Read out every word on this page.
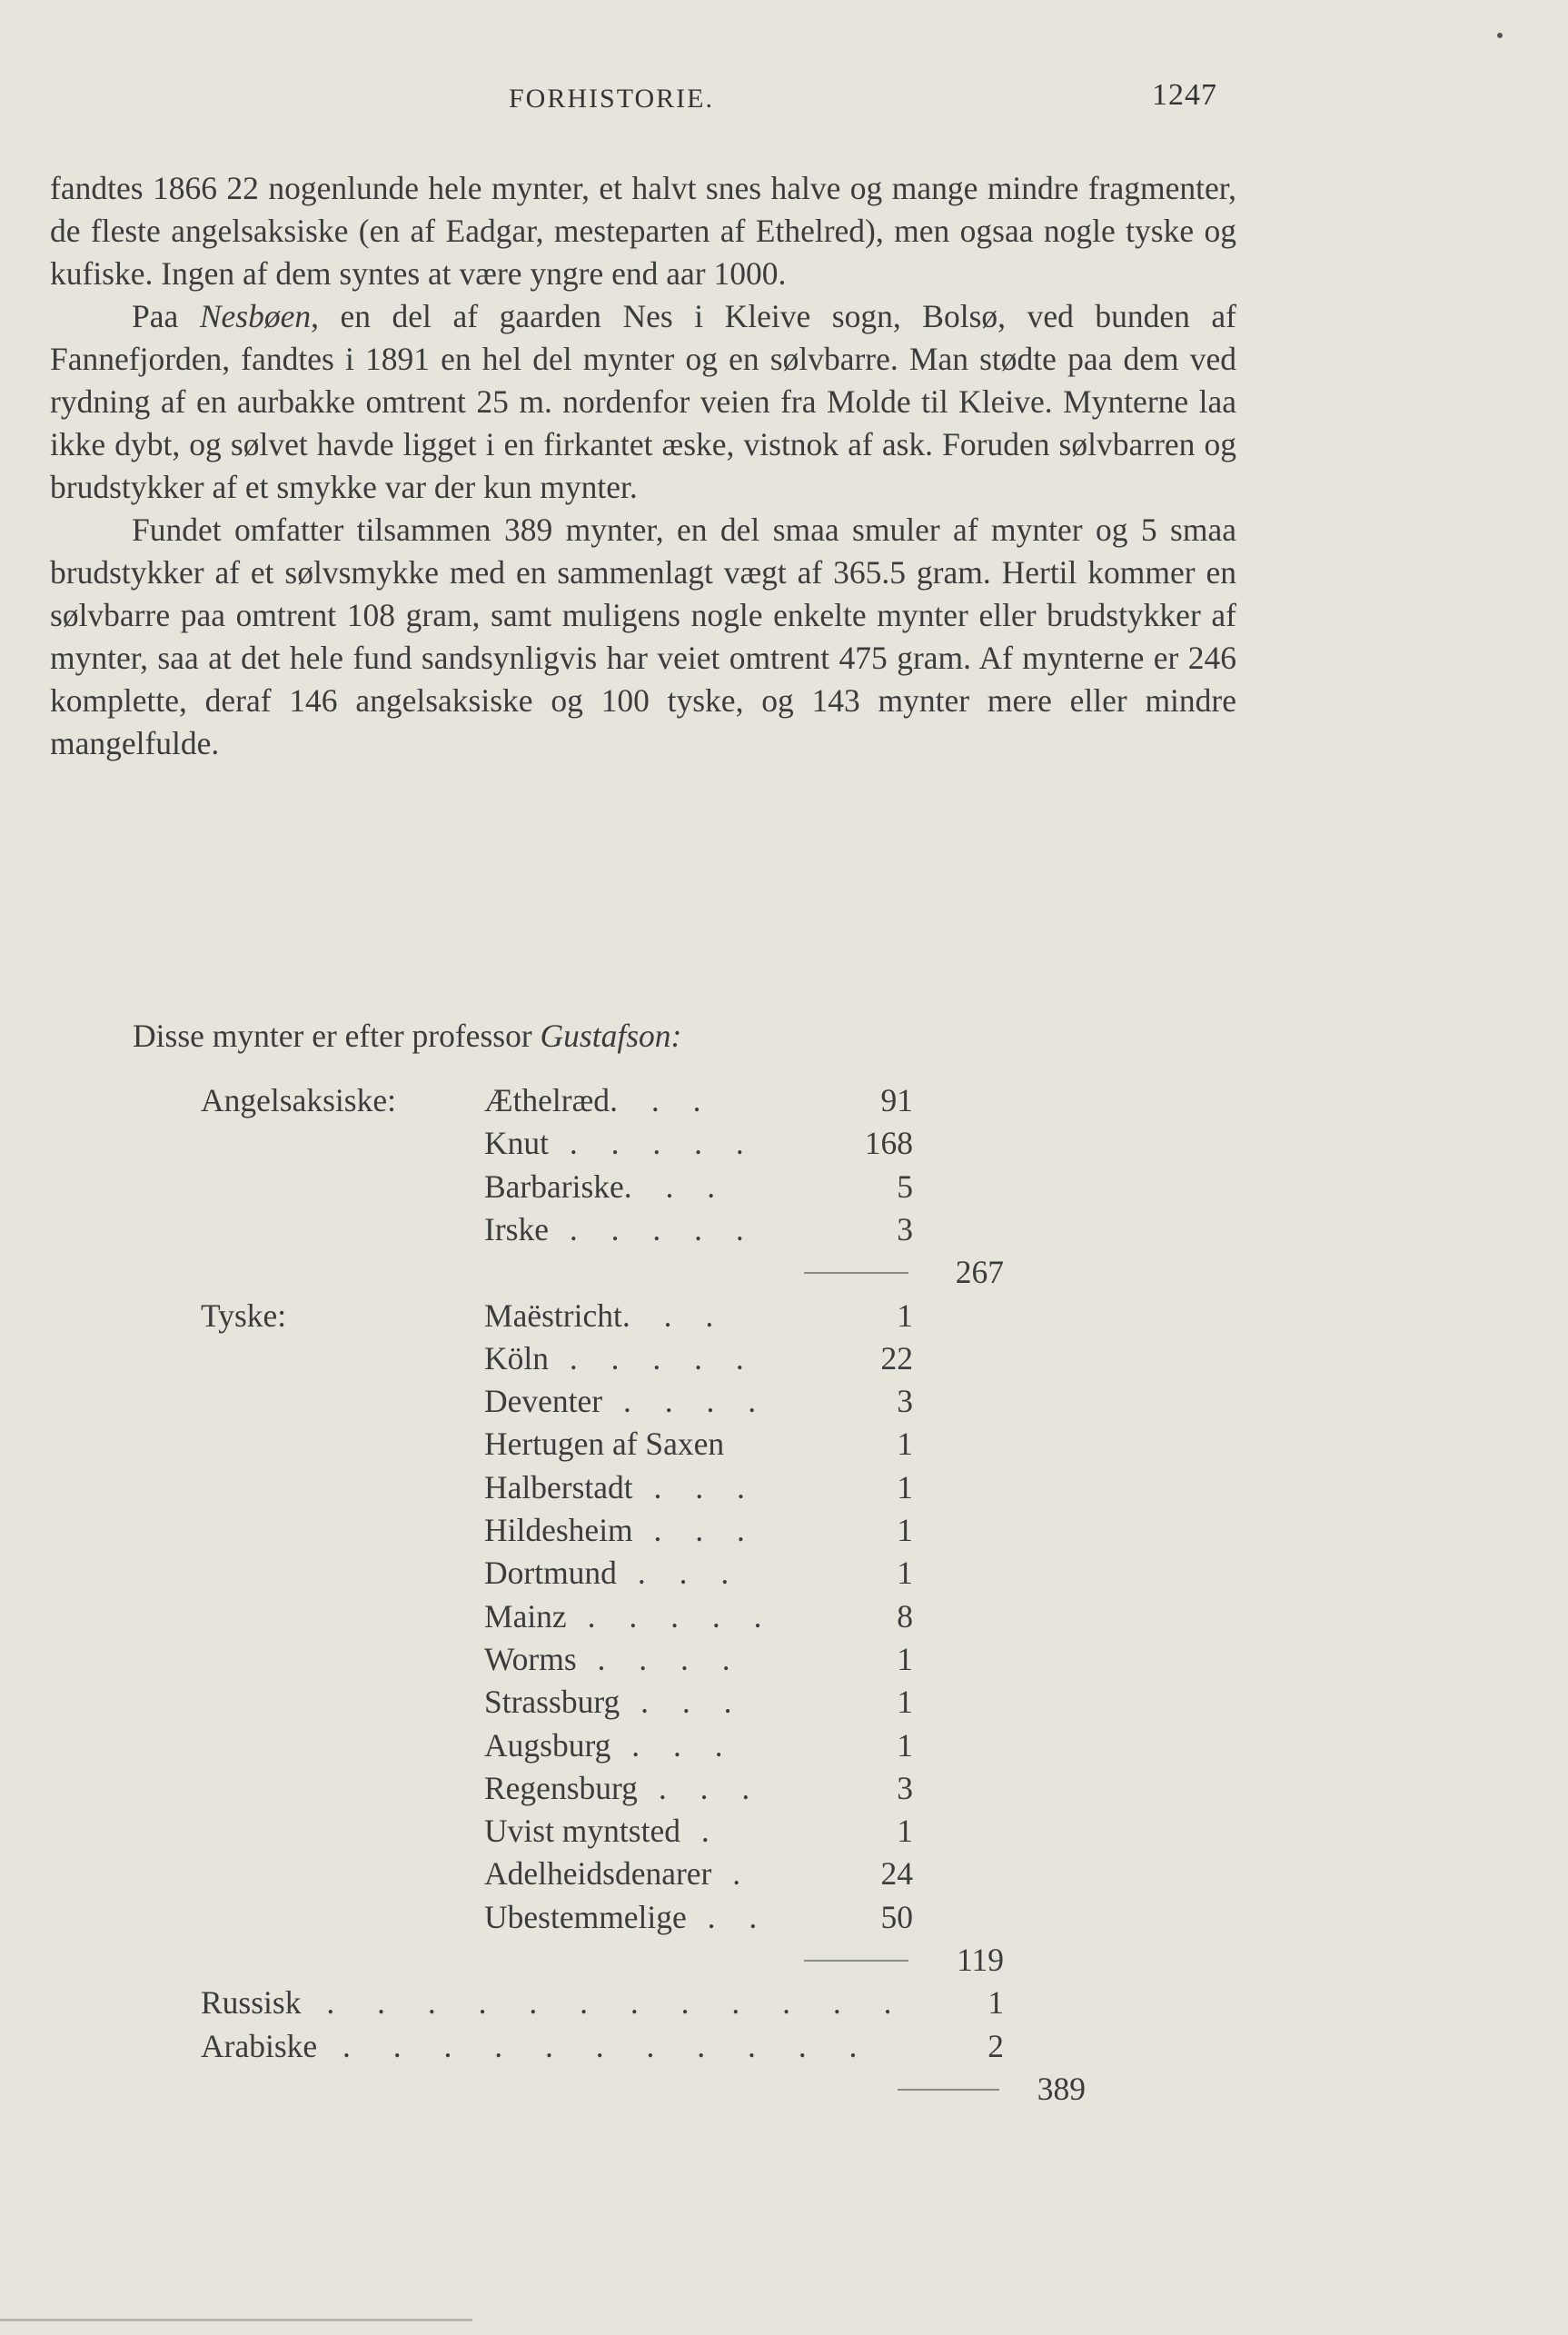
FORHISTORIE.	1247

fandtes 1866 22 nogenlunde hele mynter, et halvt snes halve og mange mindre fragmenter, de fleste angelsaksiske (en af Eadgar, mesteparten af Ethelred), men ogsaa nogle tyske og kufiske. Ingen af dem syntes at være yngre end aar 1000.

Paa Nesbøen, en del af gaarden Nes i Kleive sogn, Bolsø, ved bunden af Fannefjorden, fandtes i 1891 en hel del mynter og en sølvbarre. Man stødte paa dem ved rydning af en aurbakke omtrent 25 m. nordenfor veien fra Molde til Kleive. Mynterne laa ikke dybt, og sølvet havde ligget i en firkantet æske, vistnok af ask. Foruden sølvbarren og brudstykker af et smykke var der kun mynter.

Fundet omfatter tilsammen 389 mynter, en del smaa smuler af mynter og 5 smaa brudstykker af et sølvsmykke med en sammenlagt vægt af 365.5 gram. Hertil kommer en sølvbarre paa omtrent 108 gram, samt muligens nogle enkelte mynter eller brudstykker af mynter, saa at det hele fund sandsynligvis har veiet omtrent 475 gram. Af mynterne er 246 komplette, deraf 146 angelsaksiske og 100 tyske, og 143 mynter mere eller mindre mangelfulde.

Disse mynter er efter professor Gustafson:
Angelsaksiske:	Æthelræd. . .	91
Knut . . . . .	168
Barbariske. . .	5
Irske . . . . .	3
267
Tyske:	Maëstricht. . .	1
Köln . . . . .	22
Deventer . . . .	3
Hertugen af Saxen	1
Halberstadt . . .	1
Hildesheim . . .	1
Dortmund . . .	1
Mainz . . . . .	8
Worms . . . .	1
Strassburg . . .	1
Augsburg . . .	1
Regensburg . . .	3
Uvist myntsted .	1
Adelheidsdenarer .	24
Ubestemmelige . .	50
119
Russisk . . . . . . . . . . . .	1
Arabiske . . . . . . . . . . .	2
389
